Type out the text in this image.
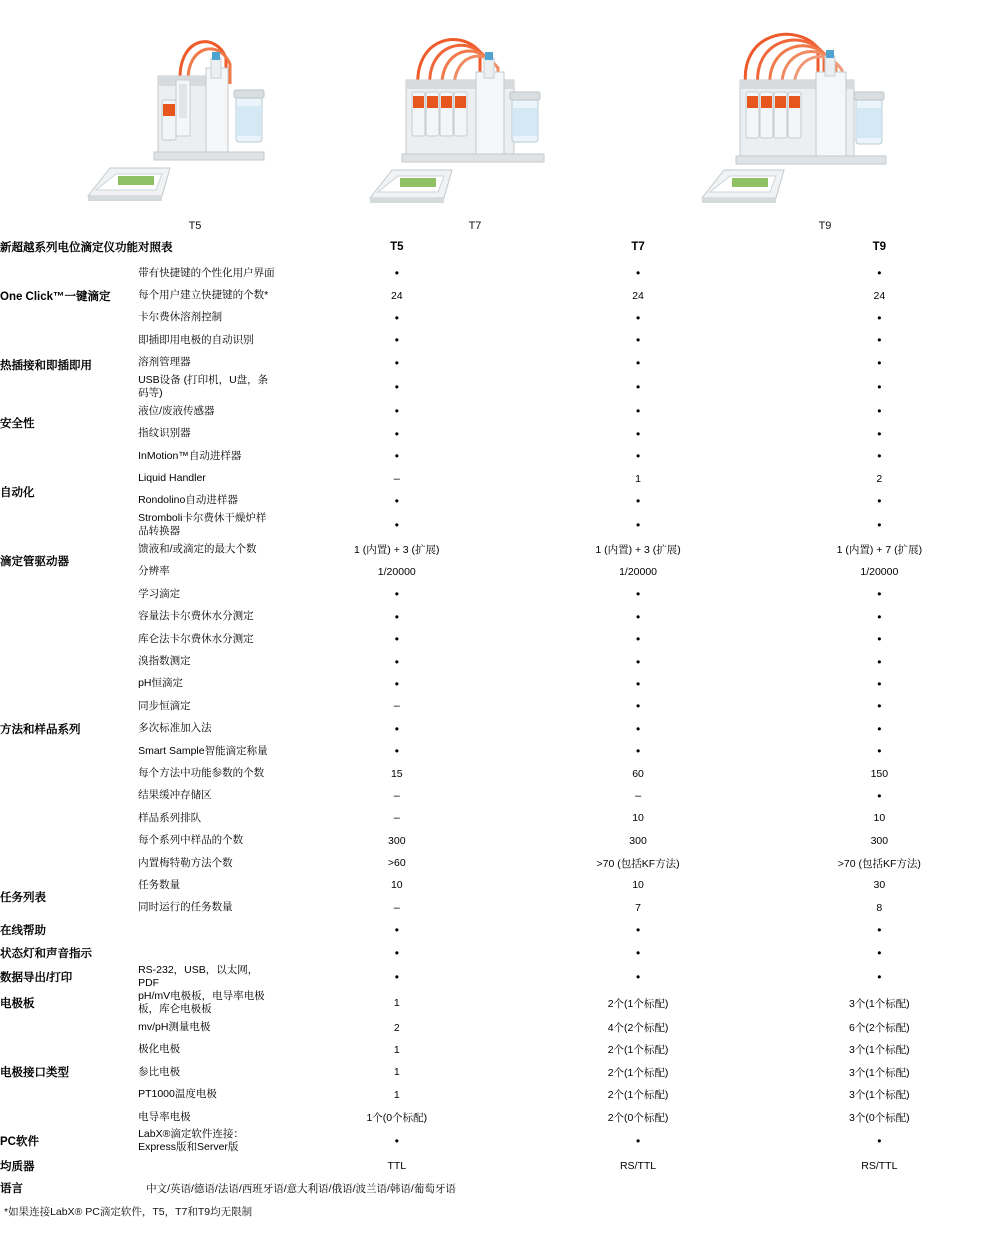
T5	T7	T9
新超越系列电位滴定仪功能对照表		T5	T7	T9
One Click™一键滴定	带有快捷键的个性化用户界面	•	•	•
	每个用户建立快捷键的个数*	24	24	24
	卡尔费休溶剂控制	•	•	•
热插接和即插即用	即插即用电极的自动识别	•	•	•
	溶剂管理器	•	•	•
	USB设备 (打印机，U盘，条码等)	•	•	•
安全性	液位/废液传感器	•	•	•
	指纹识别器	•	•	•
自动化	InMotion™自动进样器	•	•	•
	Liquid Handler	–	1	2
	Rondolino自动进样器	•	•	•
	Stromboli卡尔费休干燥炉样品转换器	•	•	•
滴定管驱动器	馈液和/或滴定的最大个数	1 (内置) + 3 (扩展)	1 (内置) + 3 (扩展)	1 (内置) + 7 (扩展)
	分辨率	1/20000	1/20000	1/20000
方法和样品系列	学习滴定	•	•	•
	容量法卡尔费休水分测定	•	•	•
	库仑法卡尔费休水分测定	•	•	•
	溴指数测定	•	•	•
	pH恒滴定	•	•	•
	同步恒滴定	–	•	•
	多次标准加入法	•	•	•
	Smart Sample智能滴定称量	•	•	•
	每个方法中功能参数的个数	15	60	150
	结果缓冲存储区	–	–	•
	样品系列排队	–	10	10
	每个系列中样品的个数	300	300	300
	内置梅特勒方法个数	>60	>70 (包括KF方法)	>70 (包括KF方法)
任务列表	任务数量	10	10	30
	同时运行的任务数量	–	7	8
在线帮助		•	•	•
状态灯和声音指示		•	•	•
数据导出/打印	RS-232，USB，以太网，PDF	•	•	•
电极板	pH/mV电极板，电导率电极板，库仑电极板	1	2个(1个标配)	3个(1个标配)
电极接口类型	mv/pH测量电极	2	4个(2个标配)	6个(2个标配)
	极化电极	1	2个(1个标配)	3个(1个标配)
	参比电极	1	2个(1个标配)	3个(1个标配)
	PT1000温度电极	1	2个(1个标配)	3个(1个标配)
	电导率电极	1个(0个标配)	2个(0个标配)	3个(0个标配)
PC软件	LabX®滴定软件连接：Express版和Server版	•	•	•
均质器		TTL	RS/TTL	RS/TTL
语言	中文/英语/德语/法语/西班牙语/意大利语/俄语/波兰语/韩语/葡萄牙语			
*如果连接LabX® PC滴定软件，T5，T7和T9均无限制
